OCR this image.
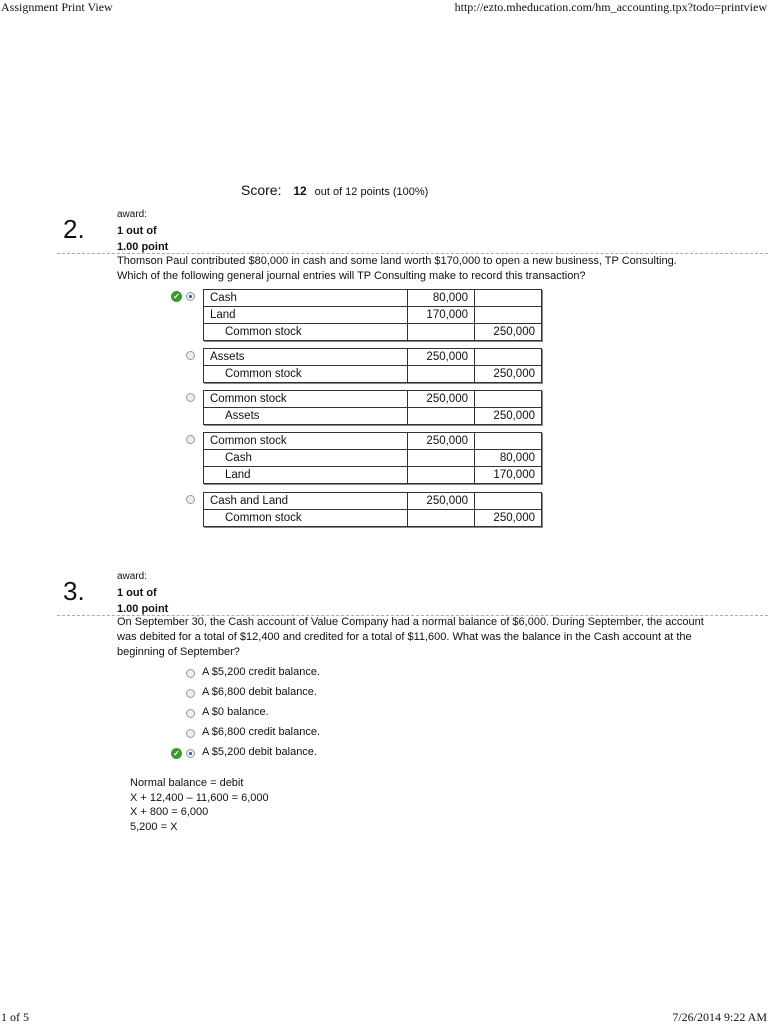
Assignment Print View	http://ezto.mheducation.com/hm_accounting.tpx?todo=printview
1 of 5	7/26/2014 9:22 AM
Score: 12 out of 12 points (100%)
2.	award:
1 out of
1.00 point
Thomson Paul contributed $80,000 in cash and some land worth $170,000 to open a new business, TP Consulting. Which of the following general journal entries will TP Consulting make to record this transaction?
✓	Cash	80,000	
Land	170,000	
Common stock		250,000
Assets	250,000	
Common stock		250,000
Common stock	250,000	
Assets		250,000
Common stock	250,000	
Cash		80,000
Land		170,000
Cash and Land	250,000	
Common stock		250,000
3.	award:
1 out of
1.00 point
On September 30, the Cash account of Value Company had a normal balance of $6,000. During September, the account was debited for a total of $12,400 and credited for a total of $11,600. What was the balance in the Cash account at the beginning of September?
A $5,200 credit balance.
A $6,800 debit balance.
A $0 balance.
A $6,800 credit balance.
✓ A $5,200 debit balance.
Normal balance = debit
X + 12,400 – 11,600 = 6,000
X + 800 = 6,000
5,200 = X
